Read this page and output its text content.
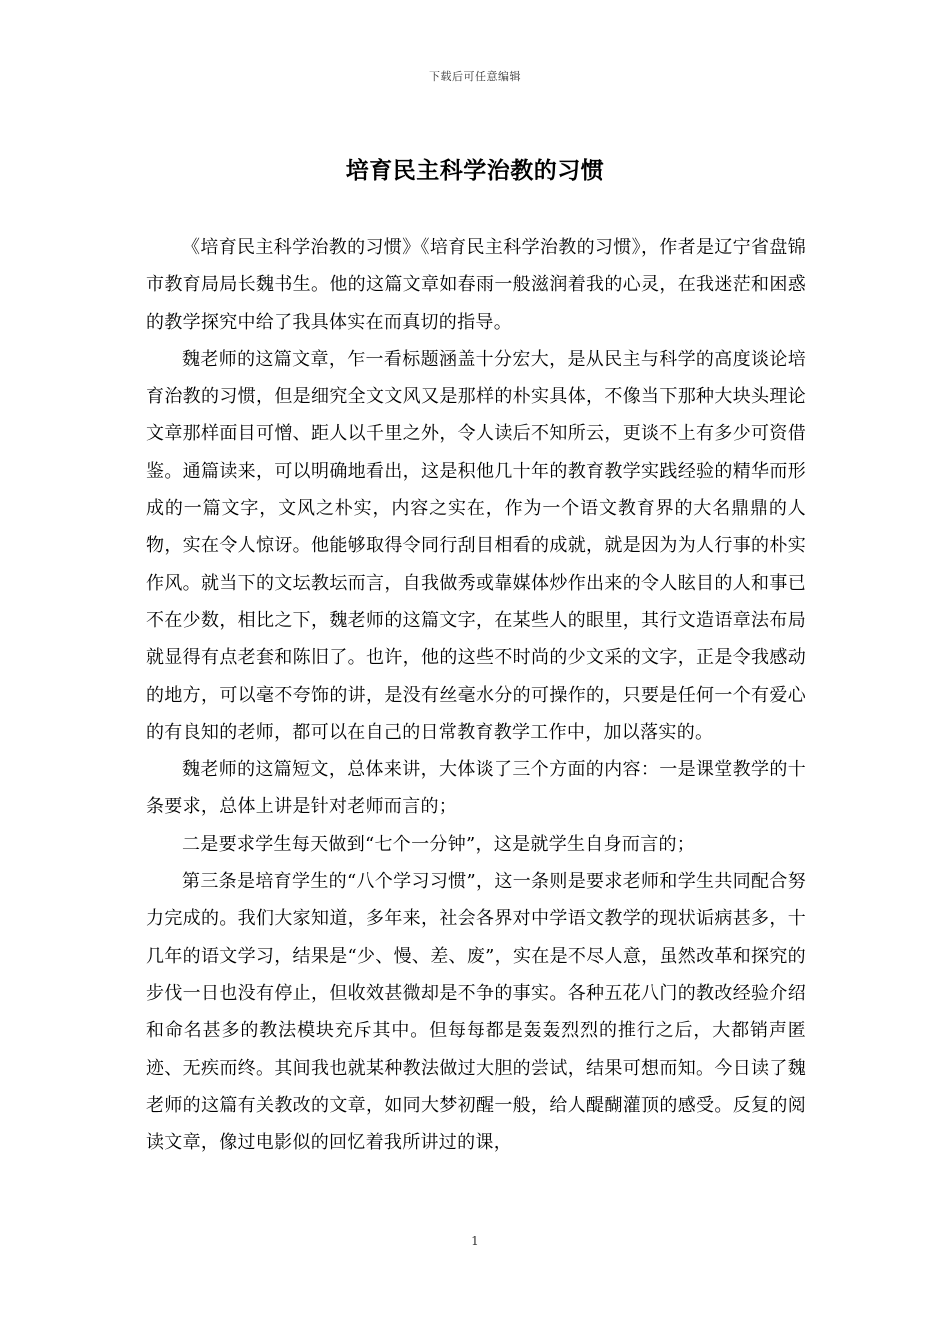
下载后可任意编辑
培育民主科学治教的习惯

《培育民主科学治教的习惯》《培育民主科学治教的习惯》，作者是辽宁省盘锦市教育局局长魏书生。他的这篇文章如春雨一般滋润着我的心灵，在我迷茫和困惑的教学探究中给了我具体实在而真切的指导。

魏老师的这篇文章，乍一看标题涵盖十分宏大，是从民主与科学的高度谈论培育治教的习惯，但是细究全文文风又是那样的朴实具体，不像当下那种大块头理论文章那样面目可憎、距人以千里之外，令人读后不知所云，更谈不上有多少可资借鉴。通篇读来，可以明确地看出，这是积他几十年的教育教学实践经验的精华而形成的一篇文字，文风之朴实，内容之实在，作为一个语文教育界的大名鼎鼎的人物，实在令人惊讶。他能够取得令同行刮目相看的成就，就是因为为人行事的朴实作风。就当下的文坛教坛而言，自我做秀或靠媒体炒作出来的令人眩目的人和事已不在少数，相比之下，魏老师的这篇文字，在某些人的眼里，其行文造语章法布局就显得有点老套和陈旧了。也许，他的这些不时尚的少文采的文字，正是令我感动的地方，可以毫不夸饰的讲，是没有丝毫水分的可操作的，只要是任何一个有爱心的有良知的老师，都可以在自己的日常教育教学工作中，加以落实的。

魏老师的这篇短文，总体来讲，大体谈了三个方面的内容：一是课堂教学的十条要求，总体上讲是针对老师而言的；

二是要求学生每天做到“七个一分钟”，这是就学生自身而言的；

第三条是培育学生的“八个学习习惯”，这一条则是要求老师和学生共同配合努力完成的。我们大家知道，多年来，社会各界对中学语文教学的现状诟病甚多，十几年的语文学习，结果是“少、慢、差、废”，实在是不尽人意，虽然改革和探究的步伐一日也没有停止，但收效甚微却是不争的事实。各种五花八门的教改经验介绍和命名甚多的教法模块充斥其中。但每每都是轰轰烈烈的推行之后，大都销声匿迹、无疾而终。其间我也就某种教法做过大胆的尝试，结果可想而知。今日读了魏老师的这篇有关教改的文章，如同大梦初醒一般，给人醍醐灌顶的感受。反复的阅读文章，像过电影似的回忆着我所讲过的课，

1
